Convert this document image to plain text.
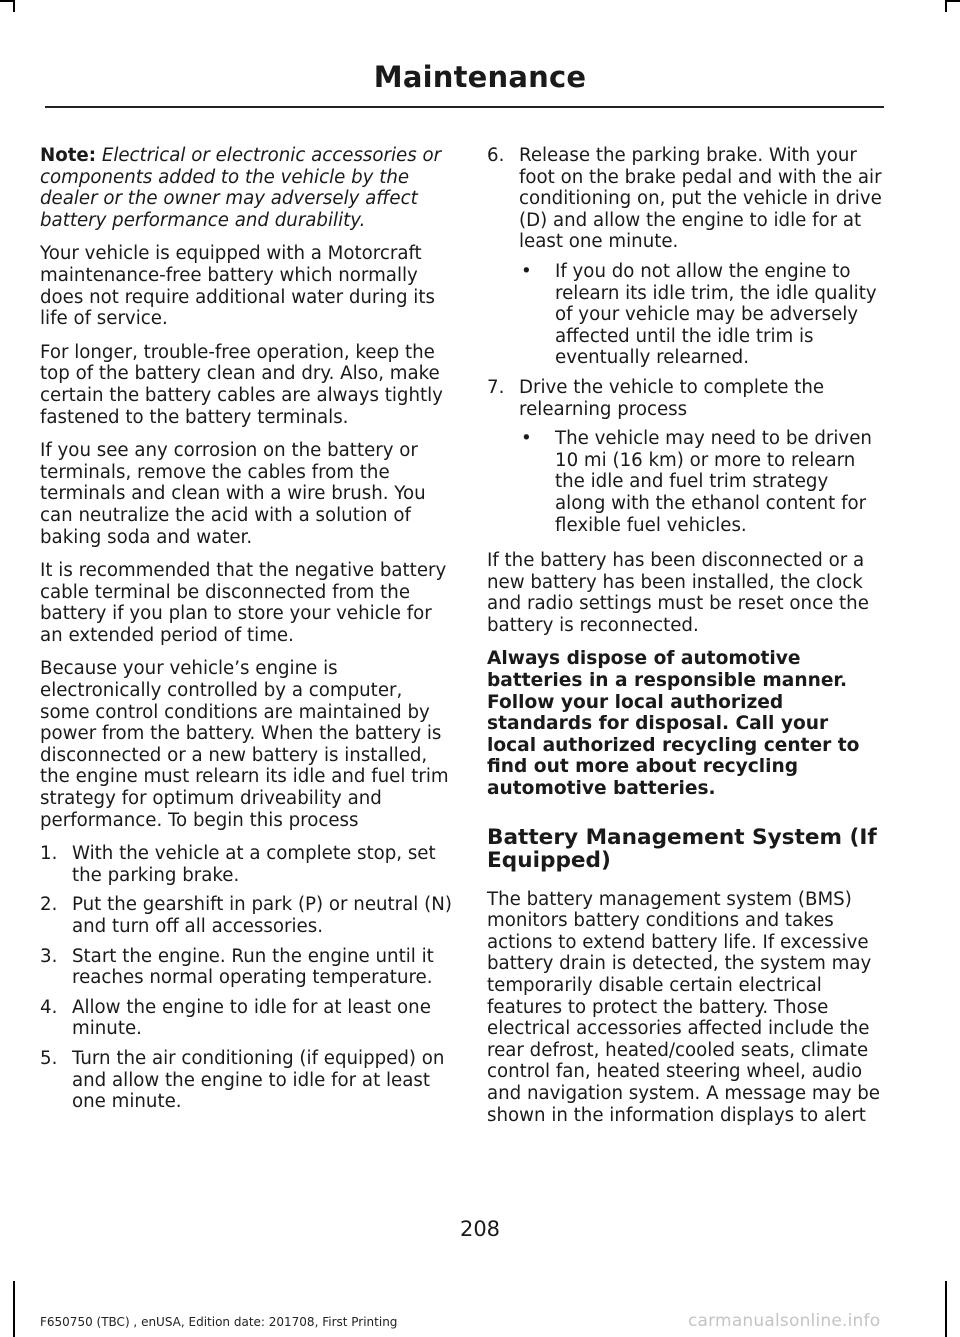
Maintenance

Note: Electrical or electronic accessories or components added to the vehicle by the dealer or the owner may adversely affect battery performance and durability.

Your vehicle is equipped with a Motorcraft maintenance-free battery which normally does not require additional water during its life of service.

For longer, trouble-free operation, keep the top of the battery clean and dry. Also, make certain the battery cables are always tightly fastened to the battery terminals.

If you see any corrosion on the battery or terminals, remove the cables from the terminals and clean with a wire brush. You can neutralize the acid with a solution of baking soda and water.

It is recommended that the negative battery cable terminal be disconnected from the battery if you plan to store your vehicle for an extended period of time.

Because your vehicle’s engine is electronically controlled by a computer, some control conditions are maintained by power from the battery. When the battery is disconnected or a new battery is installed, the engine must relearn its idle and fuel trim strategy for optimum driveability and performance. To begin this process

1. With the vehicle at a complete stop, set the parking brake.
2. Put the gearshift in park (P) or neutral (N) and turn off all accessories.
3. Start the engine. Run the engine until it reaches normal operating temperature.
4. Allow the engine to idle for at least one minute.
5. Turn the air conditioning (if equipped) on and allow the engine to idle for at least one minute.
6. Release the parking brake. With your foot on the brake pedal and with the air conditioning on, put the vehicle in drive (D) and allow the engine to idle for at least one minute.
• If you do not allow the engine to relearn its idle trim, the idle quality of your vehicle may be adversely affected until the idle trim is eventually relearned.
7. Drive the vehicle to complete the relearning process
• The vehicle may need to be driven 10 mi (16 km) or more to relearn the idle and fuel trim strategy along with the ethanol content for flexible fuel vehicles.

If the battery has been disconnected or a new battery has been installed, the clock and radio settings must be reset once the battery is reconnected.

Always dispose of automotive batteries in a responsible manner. Follow your local authorized standards for disposal. Call your local authorized recycling center to find out more about recycling automotive batteries.

Battery Management System (If Equipped)

The battery management system (BMS) monitors battery conditions and takes actions to extend battery life. If excessive battery drain is detected, the system may temporarily disable certain electrical features to protect the battery. Those electrical accessories affected include the rear defrost, heated/cooled seats, climate control fan, heated steering wheel, audio and navigation system. A message may be shown in the information displays to alert

208
F650750 (TBC) , enUSA, Edition date: 201708, First Printing	carmanualsonline.info
